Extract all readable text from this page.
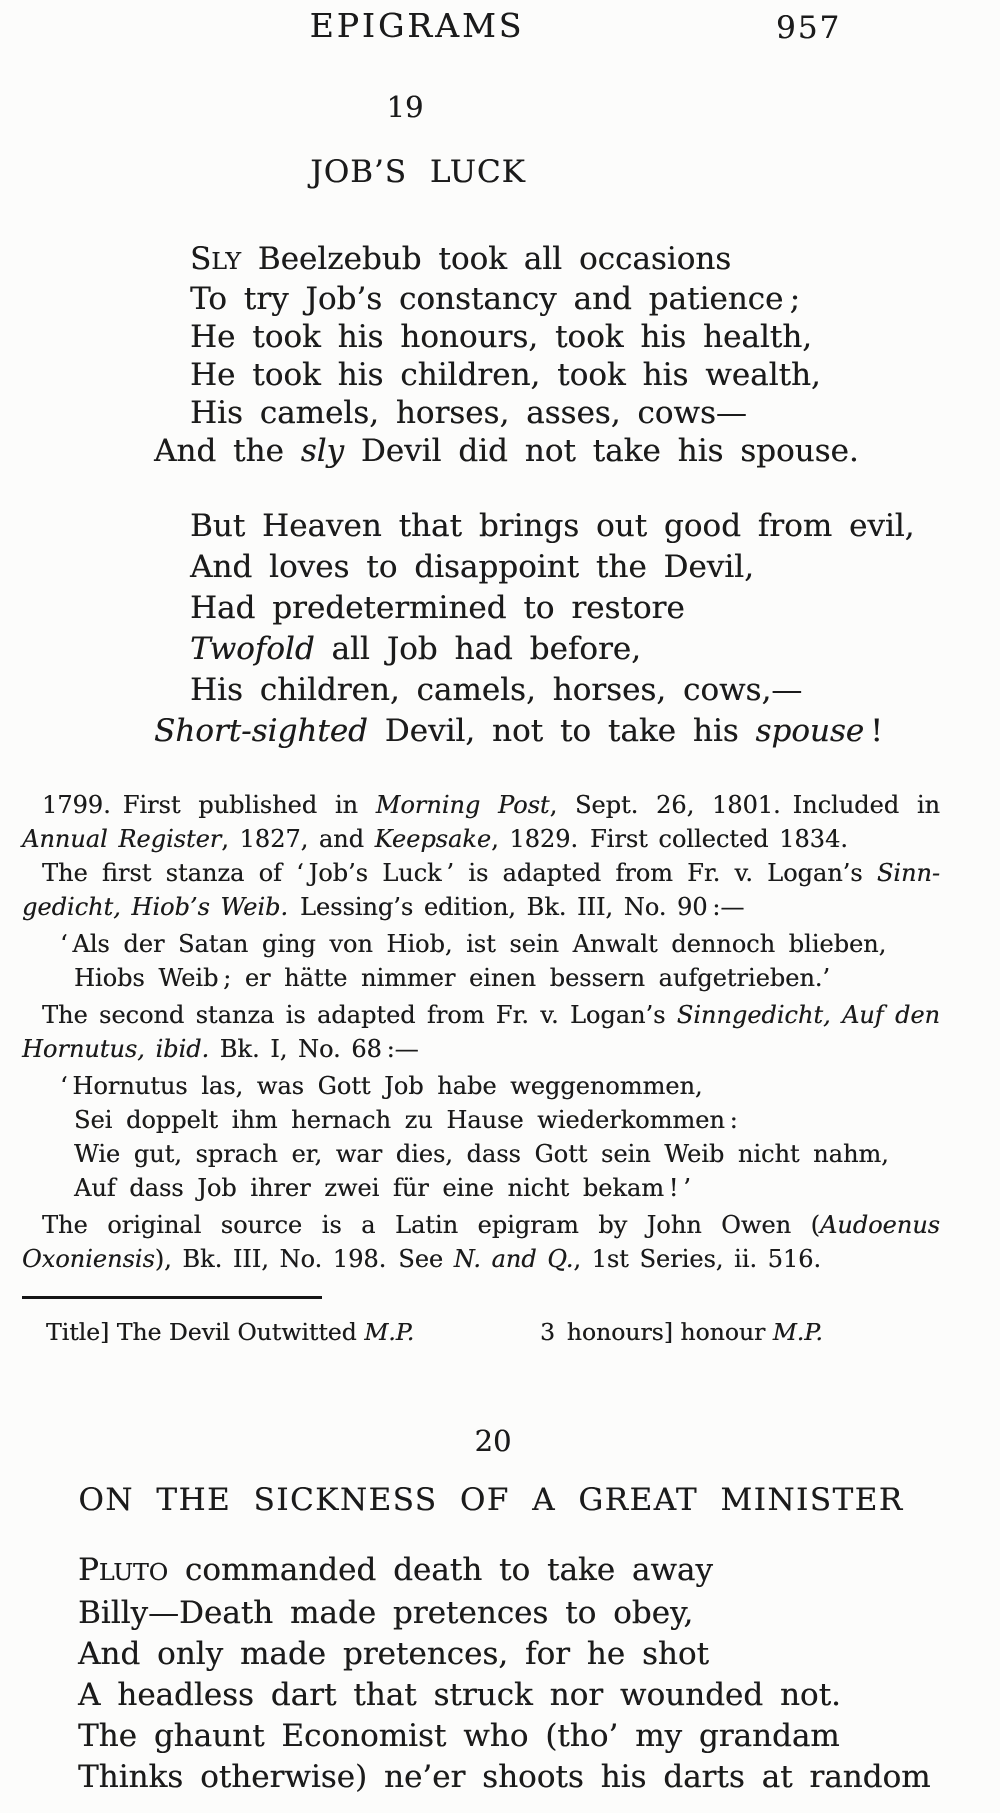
EPIGRAMS	957
19
JOB’S LUCK
SLY Beelzebub took all occasions
To try Job’s constancy and patience ;
He took his honours, took his health,
He took his children, took his wealth,
His camels, horses, asses, cows—
And the sly Devil did not take his spouse.
But Heaven that brings out good from evil,
And loves to disappoint the Devil,
Had predetermined to restore
Twofold all Job had before,
His children, camels, horses, cows,—
Short-sighted Devil, not to take his spouse !
1799. First published in Morning Post, Sept. 26, 1801. Included in
Annual Register, 1827, and Keepsake, 1829. First collected 1834.
The first stanza of ‘ Job’s Luck ’ is adapted from Fr. v. Logan’s Sinn-
gedicht, Hiob’s Weib. Lessing’s edition, Bk. III, No. 90 :—
‘ Als der Satan ging von Hiob, ist sein Anwalt dennoch blieben,
Hiobs Weib ; er hätte nimmer einen bessern aufgetrieben.’
The second stanza is adapted from Fr. v. Logan’s Sinngedicht, Auf den
Hornutus, ibid. Bk. I, No. 68 :—
‘ Hornutus las, was Gott Job habe weggenommen,
Sei doppelt ihm hernach zu Hause wiederkommen :
Wie gut, sprach er, war dies, dass Gott sein Weib nicht nahm,
Auf dass Job ihrer zwei für eine nicht bekam ! ’
The original source is a Latin epigram by John Owen (Audoenus
Oxoniensis), Bk. III, No. 198. See N. and Q., 1st Series, ii. 516.
Title] The Devil Outwitted M.P.	3 honours] honour M.P.
20
ON THE SICKNESS OF A GREAT MINISTER
PLUTO commanded death to take away
Billy—Death made pretences to obey,
And only made pretences, for he shot
A headless dart that struck nor wounded not.
The ghaunt Economist who (tho’ my grandam
Thinks otherwise) ne’er shoots his darts at random
